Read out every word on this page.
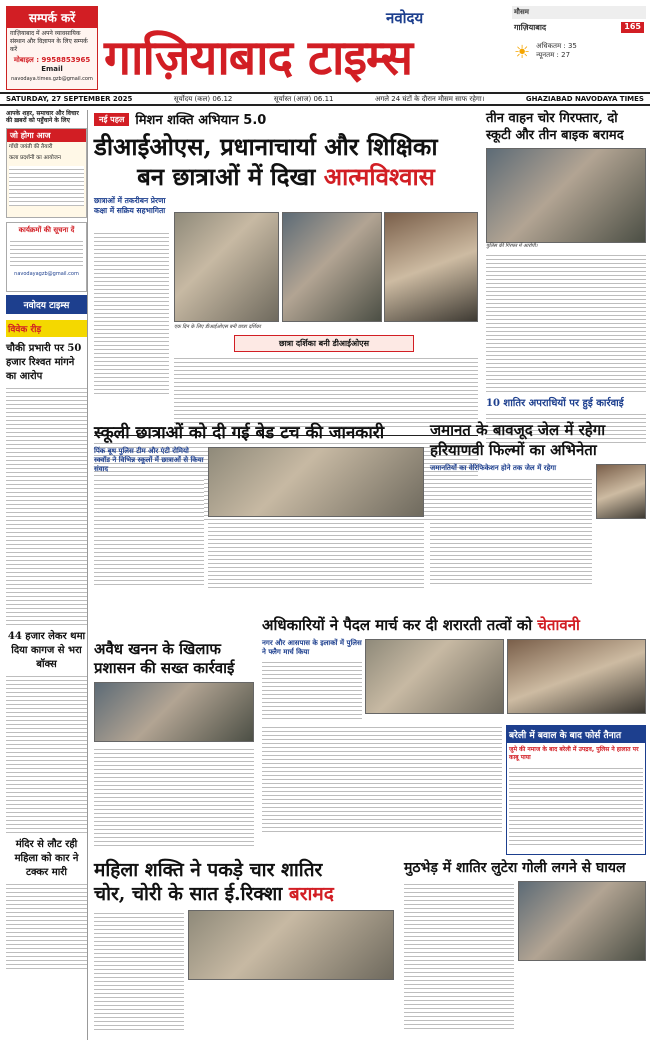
सम्पर्क करें
ग़ाज़ियाबाद में अपने व्यावसायिक संस्थान और विज्ञापन के लिए सम्पर्क करें
मोबाइल : 9958853965
Email
navodaya.times.gzb@gmail.com
नवोदय
गाज़ियाबाद टाइम्स
मौसम
गाज़ियाबाद	165
☀ अधिकतम : 35
न्यूनतम : 27
SATURDAY, 27 SEPTEMBER 2025	सूर्योदय (कल) 06.12	सूर्यास्त (आज) 06.11	अगले 24 घंटों के दौरान मौसम साफ रहेगा।	GHAZIABAD NAVODAYA TIMES

आपके शहर, समाचार और विचार की ख़बरों को पहुँचाने के लिए

जो होगा आज

गाँधी जयंती की तैयारी

कला प्रदर्शनी का आयोजन

कार्यक्रमों की सूचना दें
navodayagzb@gmail.com
नवोदय टाइम्स
विवेक रीड़
चौकी प्रभारी पर 50 हजार रिश्वत मांगने का आरोप
44 हजार लेकर थमा दिया कागज से भरा बॉक्स
मंदिर से लौट रही महिला को कार ने टक्कर मारी
नई पहल मिशन शक्ति अभियान 5.0
डीआईओएस, प्रधानाचार्या और शिक्षिका
बन छात्राओं में दिखा आत्मविश्वास
छात्राओं में तकरीबन प्रेरणा
कक्षा में सक्रिय सहभागिता
एक दिन के लिए डीआईओएस बनी छात्रा दर्शिका
छात्रा दर्शिका बनी डीआईओएस
तीन वाहन चोर गिरफ्तार, दो स्कूटी और तीन बाइक बरामद
पुलिस की गिरफ्त में आरोपी।
10 शातिर अपराधियों पर हुई कार्रवाई
स्कूली छात्राओं को दी गई बेड टच की जानकारी
पिंक बूथ पुलिस टीम और एंटी रोमियो स्क्वॉड ने विभिन्न स्कूलों में छात्राओं से किया संवाद
जमानत के बावजूद जेल में रहेगा हरियाणवी फिल्मों का अभिनेता
जमानतियों का वेरिफिकेशन होने तक जेल में रहेगा
अवैध खनन के खिलाफ प्रशासन की सख्त कार्रवाई
अधिकारियों ने पैदल मार्च कर दी शरारती तत्वों को चेतावनी
नगर और आसपास के इलाकों में पुलिस ने फ्लैग मार्च किया
बरेली में बवाल के बाद फोर्स तैनात
जुमे की नमाज के बाद बरेली में उपद्रव, पुलिस ने हालात पर काबू पाया
महिला शक्ति ने पकड़े चार शातिर
चोर, चोरी के सात ई.रिक्शा बरामद
मुठभेड़ में शातिर लुटेरा गोली लगने से घायल
